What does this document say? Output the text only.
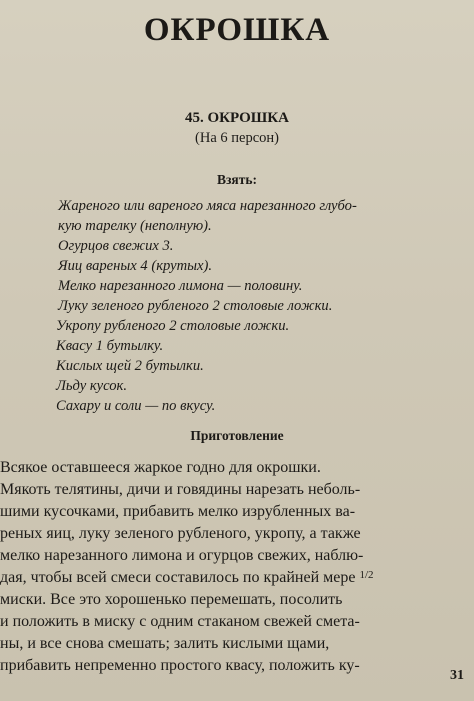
ОКРОШКА
45. ОКРОШКА
(На 6 персон)
Взять:
Жареного или вареного мяса нарезанного глубо-
кую тарелку (неполную).
Огурцов свежих 3.
Яиц вареных 4 (крутых).
Мелко нарезанного лимона — половину.
Луку зеленого рубленого 2 столовые ложки.
Укропу рубленого 2 столовые ложки.
Квасу 1 бутылку.
Кислых щей 2 бутылки.
Льду кусок.
Сахару и соли — по вкусу.
Приготовление
Всякое оставшееся жаркое годно для окрошки.
Мякоть телятины, дичи и говядины нарезать неболь-
шими кусочками, прибавить мелко изрубленных ва-
реных яиц, луку зеленого рубленого, укропу, а также
мелко нарезанного лимона и огурцов свежих, наблю-
дая, чтобы всей смеси составилось по крайней мере $^{1/2}$
миски. Все это хорошенько перемешать, посолить
и положить в миску с одним стаканом свежей смета-
ны, и все снова смешать; залить кислыми щами,
прибавить непременно простого квасу, положить ку-
31
